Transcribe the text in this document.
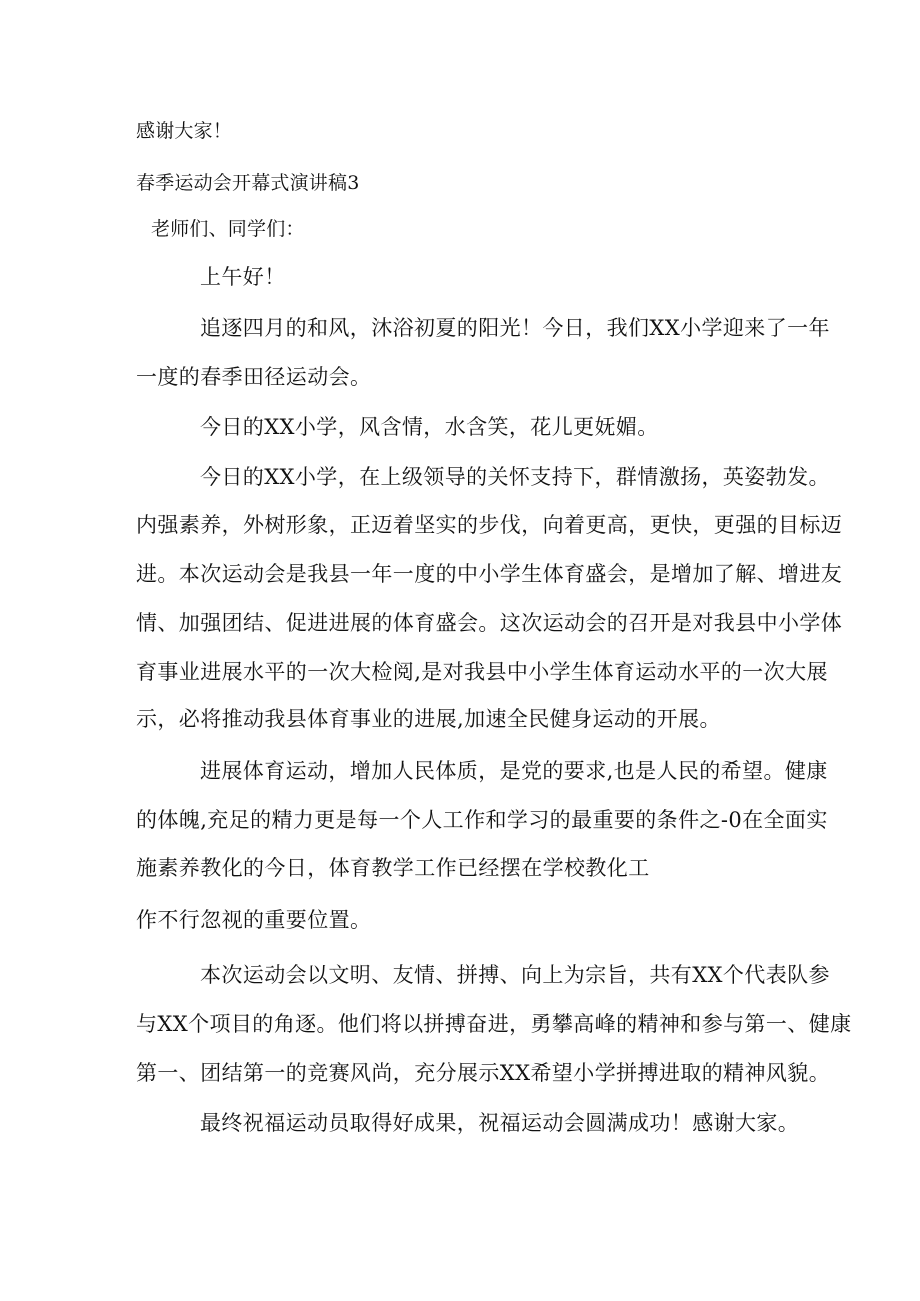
感谢大家！

春季运动会开幕式演讲稿3

老师们、同学们：

上午好！

追逐四月的和风，沐浴初夏的阳光！今日，我们XX小学迎来了一年

一度的春季田径运动会。

今日的XX小学，风含情，水含笑，花儿更妩媚。

今日的XX小学，在上级领导的关怀支持下，群情激扬，英姿勃发。

内强素养，外树形象，正迈着坚实的步伐，向着更高，更快，更强的目标迈

进。本次运动会是我县一年一度的中小学生体育盛会，是增加了解、增进友

情、加强团结、促进进展的体育盛会。这次运动会的召开是对我县中小学体

育事业进展水平的一次大检阅,是对我县中小学生体育运动水平的一次大展

示，必将推动我县体育事业的进展,加速全民健身运动的开展。

进展体育运动，增加人民体质，是党的要求,也是人民的希望。健康

的体魄,充足的精力更是每一个人工作和学习的最重要的条件之-0在全面实

施素养教化的今日，体育教学工作已经摆在学校教化工

作不行忽视的重要位置。

本次运动会以文明、友情、拼搏、向上为宗旨，共有XX个代表队参

与XX个项目的角逐。他们将以拼搏奋进，勇攀高峰的精神和参与第一、健康

第一、团结第一的竞赛风尚，充分展示XX希望小学拼搏进取的精神风貌。

最终祝福运动员取得好成果，祝福运动会圆满成功！感谢大家。
